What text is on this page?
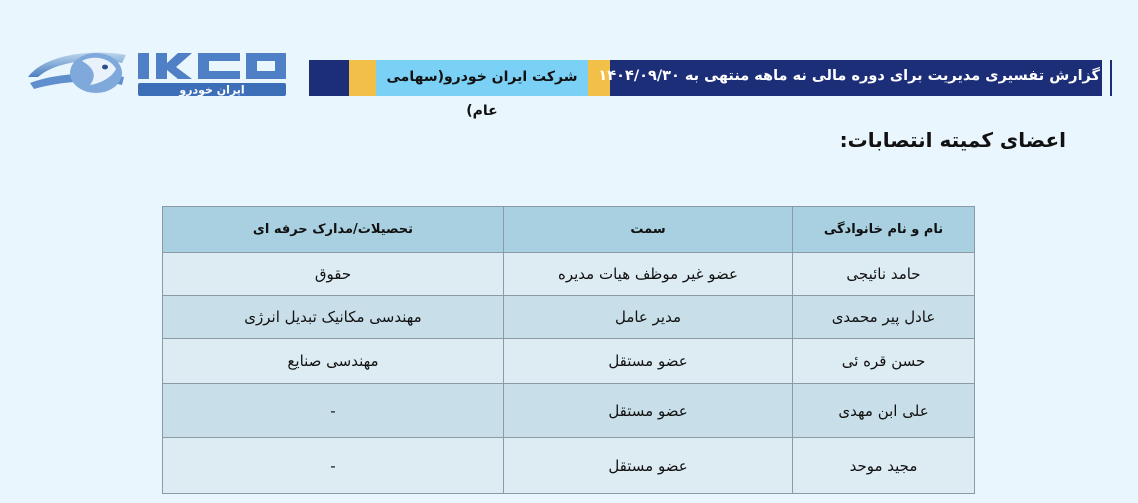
ایران خودرو
شرکت ایران خودرو(سهامی عام)
گزارش تفسیری مدیریت برای دوره مالی نه ماهه منتهی به ۱۴۰۴/۰۹/۳۰
اعضای کمیته انتصابات:
نام و نام خانوادگی	سمت	تحصیلات/مدارک حرفه ای
حامد نائیجی	عضو غیر موظف هیات مدیره	حقوق
عادل پیر محمدی	مدیر عامل	مهندسی مکانیک تبدیل انرژی
حسن قره ئی	عضو مستقل	مهندسی صنایع
علی ابن مهدی	عضو مستقل	-
مجید موحد	عضو مستقل	-
